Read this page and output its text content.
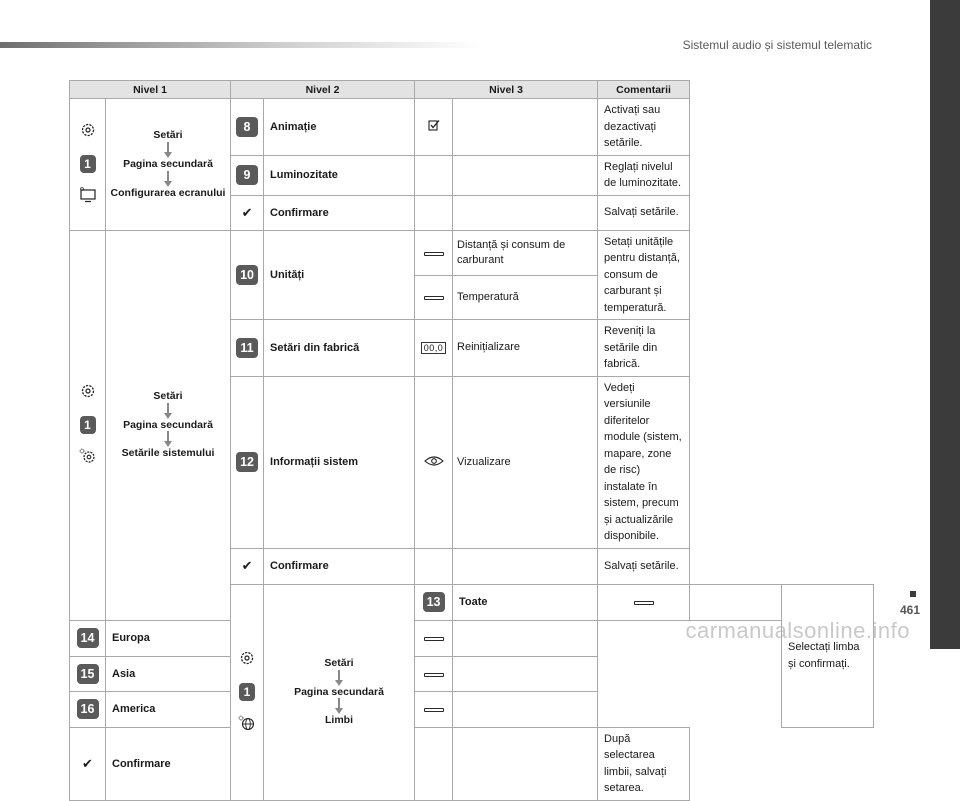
Sistemul audio și sistemul telematic
461
carmanualsonline.info
Nivel 1		Nivel 2		Nivel 3		Comentarii		

1	Setări
Pagina secundară
Configurarea ecranului	8	Animație			Activați sau dezactivați setările.		
		9	Luminozitate			Reglați nivelul de luminozitate.		
		✔	Confirmare			Salvați setările.		

1	Setări
Pagina secundară
Setările sistemului	10	Unități		Distanță și consum de carburant	Setați unitățile pentru distanță, consum de carburant și temperatură.		
					Temperatură			
		11	Setări din fabrică	00,0	Reinițializare	Reveniți la setările din fabrică.		
		12	Informații sistem		Vizualizare	Vedeți versiunile diferitelor module (sistem, mapare, zone de risc) instalate în sistem, precum și actualizările disponibile.		
		✔	Confirmare			Salvați setările.		

1	Setări
Pagina secundară
Limbi	13	Toate			Selectați limba și confirmați.
14	Europa							
15	Asia							
16	America							
✔	Confirmare					După selectarea limbii, salvați setarea.		
